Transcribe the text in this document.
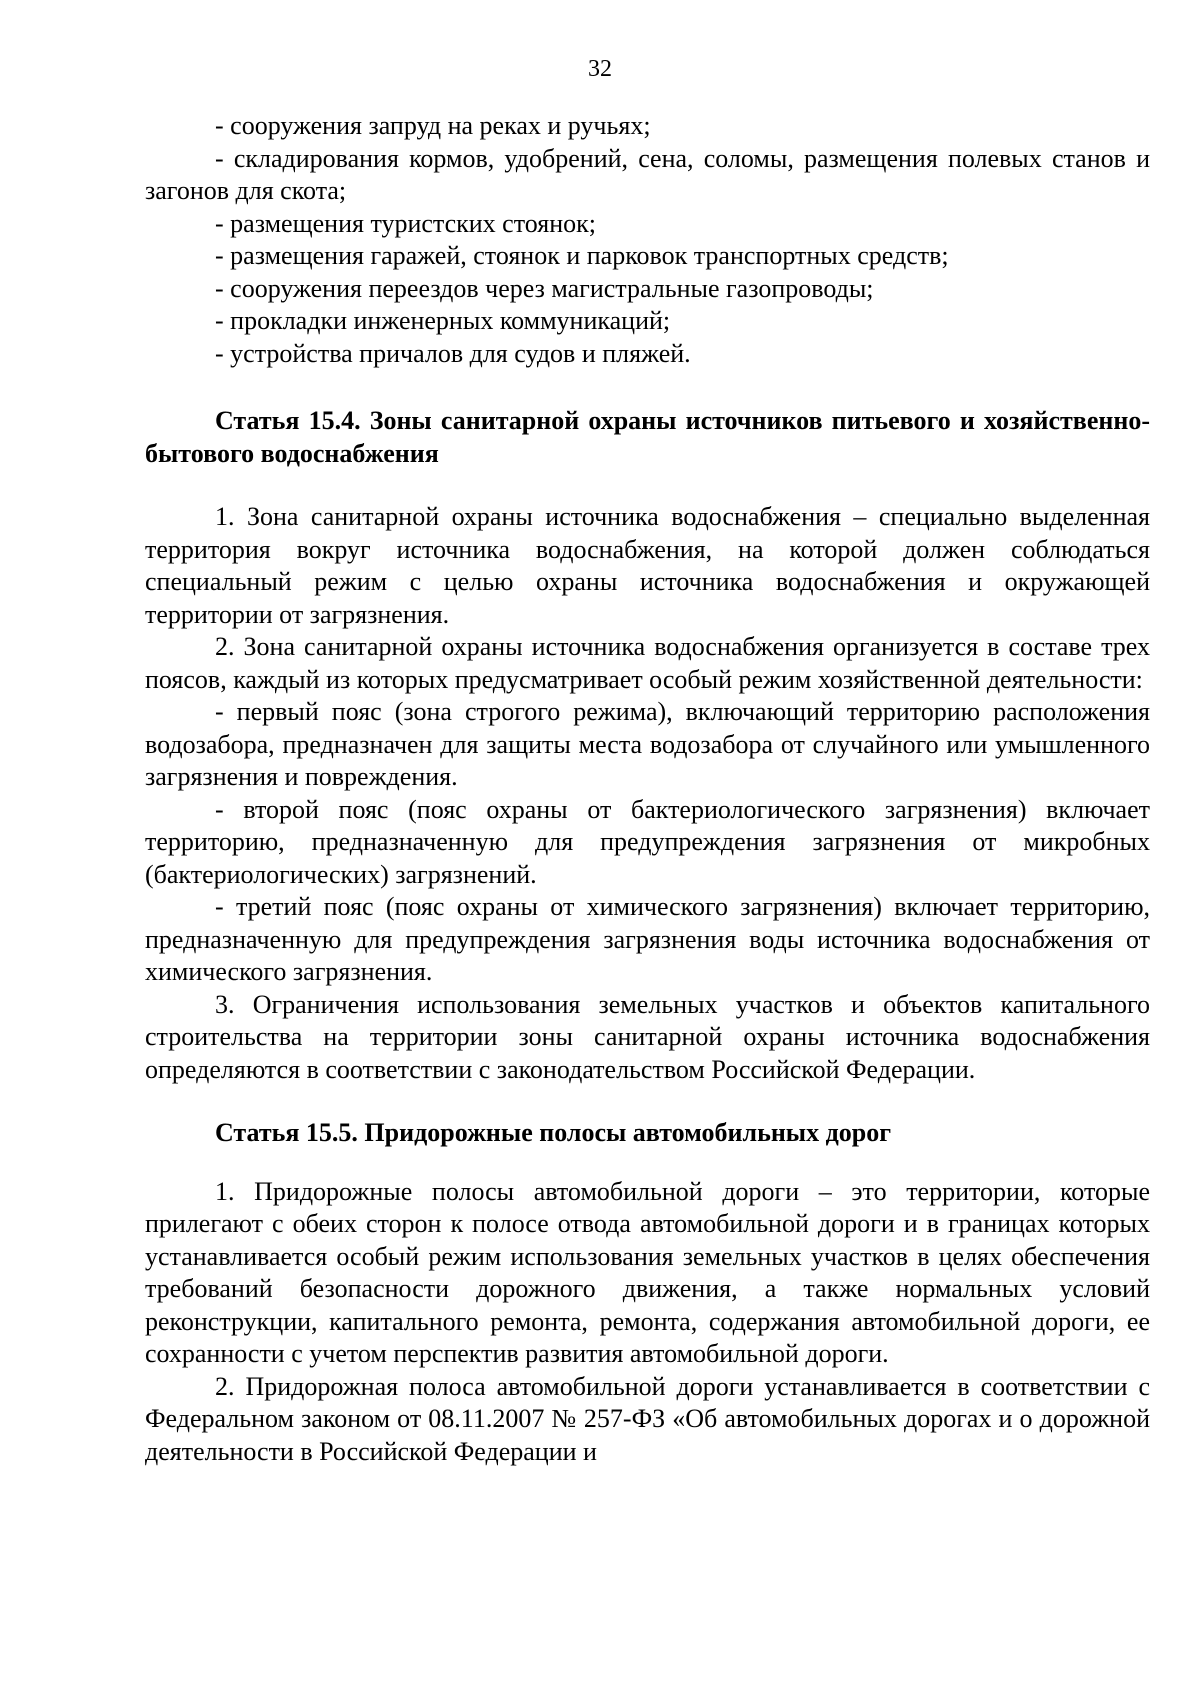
32

- сооружения запруд на реках и ручьях;

- складирования кормов, удобрений, сена, соломы, размещения полевых станов и загонов для скота;

- размещения туристских стоянок;

- размещения гаражей, стоянок и парковок транспортных средств;

- сооружения переездов через магистральные газопроводы;

- прокладки инженерных коммуникаций;

- устройства причалов для судов и пляжей.

Статья 15.4. Зоны санитарной охраны источников питьевого и хозяйственно-бытового водоснабжения

1. Зона санитарной охраны источника водоснабжения – специально выделенная территория вокруг источника водоснабжения, на которой должен соблюдаться специальный режим с целью охраны источника водоснабжения и окружающей территории от загрязнения.

2. Зона санитарной охраны источника водоснабжения организуется в составе трех поясов, каждый из которых предусматривает особый режим хозяйственной деятельности:

- первый пояс (зона строгого режима), включающий территорию расположения водозабора, предназначен для защиты места водозабора от случайного или умышленного загрязнения и повреждения.

- второй пояс (пояс охраны от бактериологического загрязнения) включает территорию, предназначенную для предупреждения загрязнения от микробных (бактериологических) загрязнений.

- третий пояс (пояс охраны от химического загрязнения) включает территорию, предназначенную для предупреждения загрязнения воды источника водоснабжения от химического загрязнения.

3. Ограничения использования земельных участков и объектов капитального строительства на территории зоны санитарной охраны источника водоснабжения определяются в соответствии с законодательством Российской Федерации.

Статья 15.5. Придорожные полосы автомобильных дорог

1. Придорожные полосы автомобильной дороги – это территории, которые прилегают с обеих сторон к полосе отвода автомобильной дороги и в границах которых устанавливается особый режим использования земельных участков в целях обеспечения требований безопасности дорожного движения, а также нормальных условий реконструкции, капитального ремонта, ремонта, содержания автомобильной дороги, ее сохранности с учетом перспектив развития автомобильной дороги.

2. Придорожная полоса автомобильной дороги устанавливается в соответствии с Федеральном законом от 08.11.2007 № 257-ФЗ «Об автомобильных дорогах и о дорожной деятельности в Российской Федерации и
